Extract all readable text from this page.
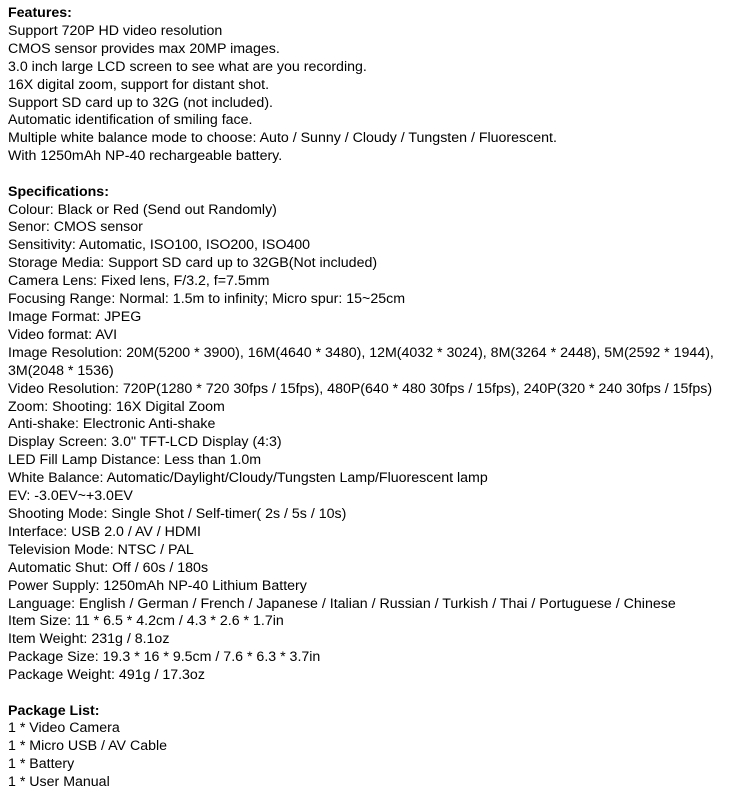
Features:
Support 720P HD video resolution
CMOS sensor provides max 20MP images.
3.0 inch large LCD screen to see what are you recording.
16X digital zoom, support for distant shot.
Support SD card up to 32G (not included).
Automatic identification of smiling face.
Multiple white balance mode to choose: Auto / Sunny / Cloudy / Tungsten / Fluorescent.
With 1250mAh NP-40 rechargeable battery.
Specifications:
Colour: Black or Red (Send out Randomly)
Senor: CMOS sensor
Sensitivity: Automatic, ISO100, ISO200, ISO400
Storage Media: Support SD card up to 32GB(Not included)
Camera Lens: Fixed lens, F/3.2, f=7.5mm
Focusing Range: Normal: 1.5m to infinity; Micro spur: 15~25cm
Image Format: JPEG
Video format: AVI
Image Resolution: 20M(5200 * 3900), 16M(4640 * 3480), 12M(4032 * 3024), 8M(3264 * 2448), 5M(2592 * 1944),
3M(2048 * 1536)
Video Resolution: 720P(1280 * 720 30fps / 15fps), 480P(640 * 480 30fps / 15fps), 240P(320 * 240 30fps / 15fps)
Zoom: Shooting: 16X Digital Zoom
Anti-shake: Electronic Anti-shake
Display Screen: 3.0" TFT-LCD Display (4:3)
LED Fill Lamp Distance: Less than 1.0m
White Balance: Automatic/Daylight/Cloudy/Tungsten Lamp/Fluorescent lamp
EV: -3.0EV~+3.0EV
Shooting Mode: Single Shot / Self-timer( 2s / 5s / 10s)
Interface: USB 2.0 / AV / HDMI
Television Mode: NTSC / PAL
Automatic Shut: Off / 60s / 180s
Power Supply: 1250mAh NP-40 Lithium Battery
Language: English / German / French / Japanese / Italian / Russian / Turkish / Thai / Portuguese / Chinese
Item Size: 11 * 6.5 * 4.2cm / 4.3 * 2.6 * 1.7in
Item Weight: 231g / 8.1oz
Package Size: 19.3 * 16 * 9.5cm / 7.6 * 6.3 * 3.7in
Package Weight: 491g / 17.3oz
Package List:
1 * Video Camera
1 * Micro USB / AV Cable
1 * Battery
1 * User Manual
